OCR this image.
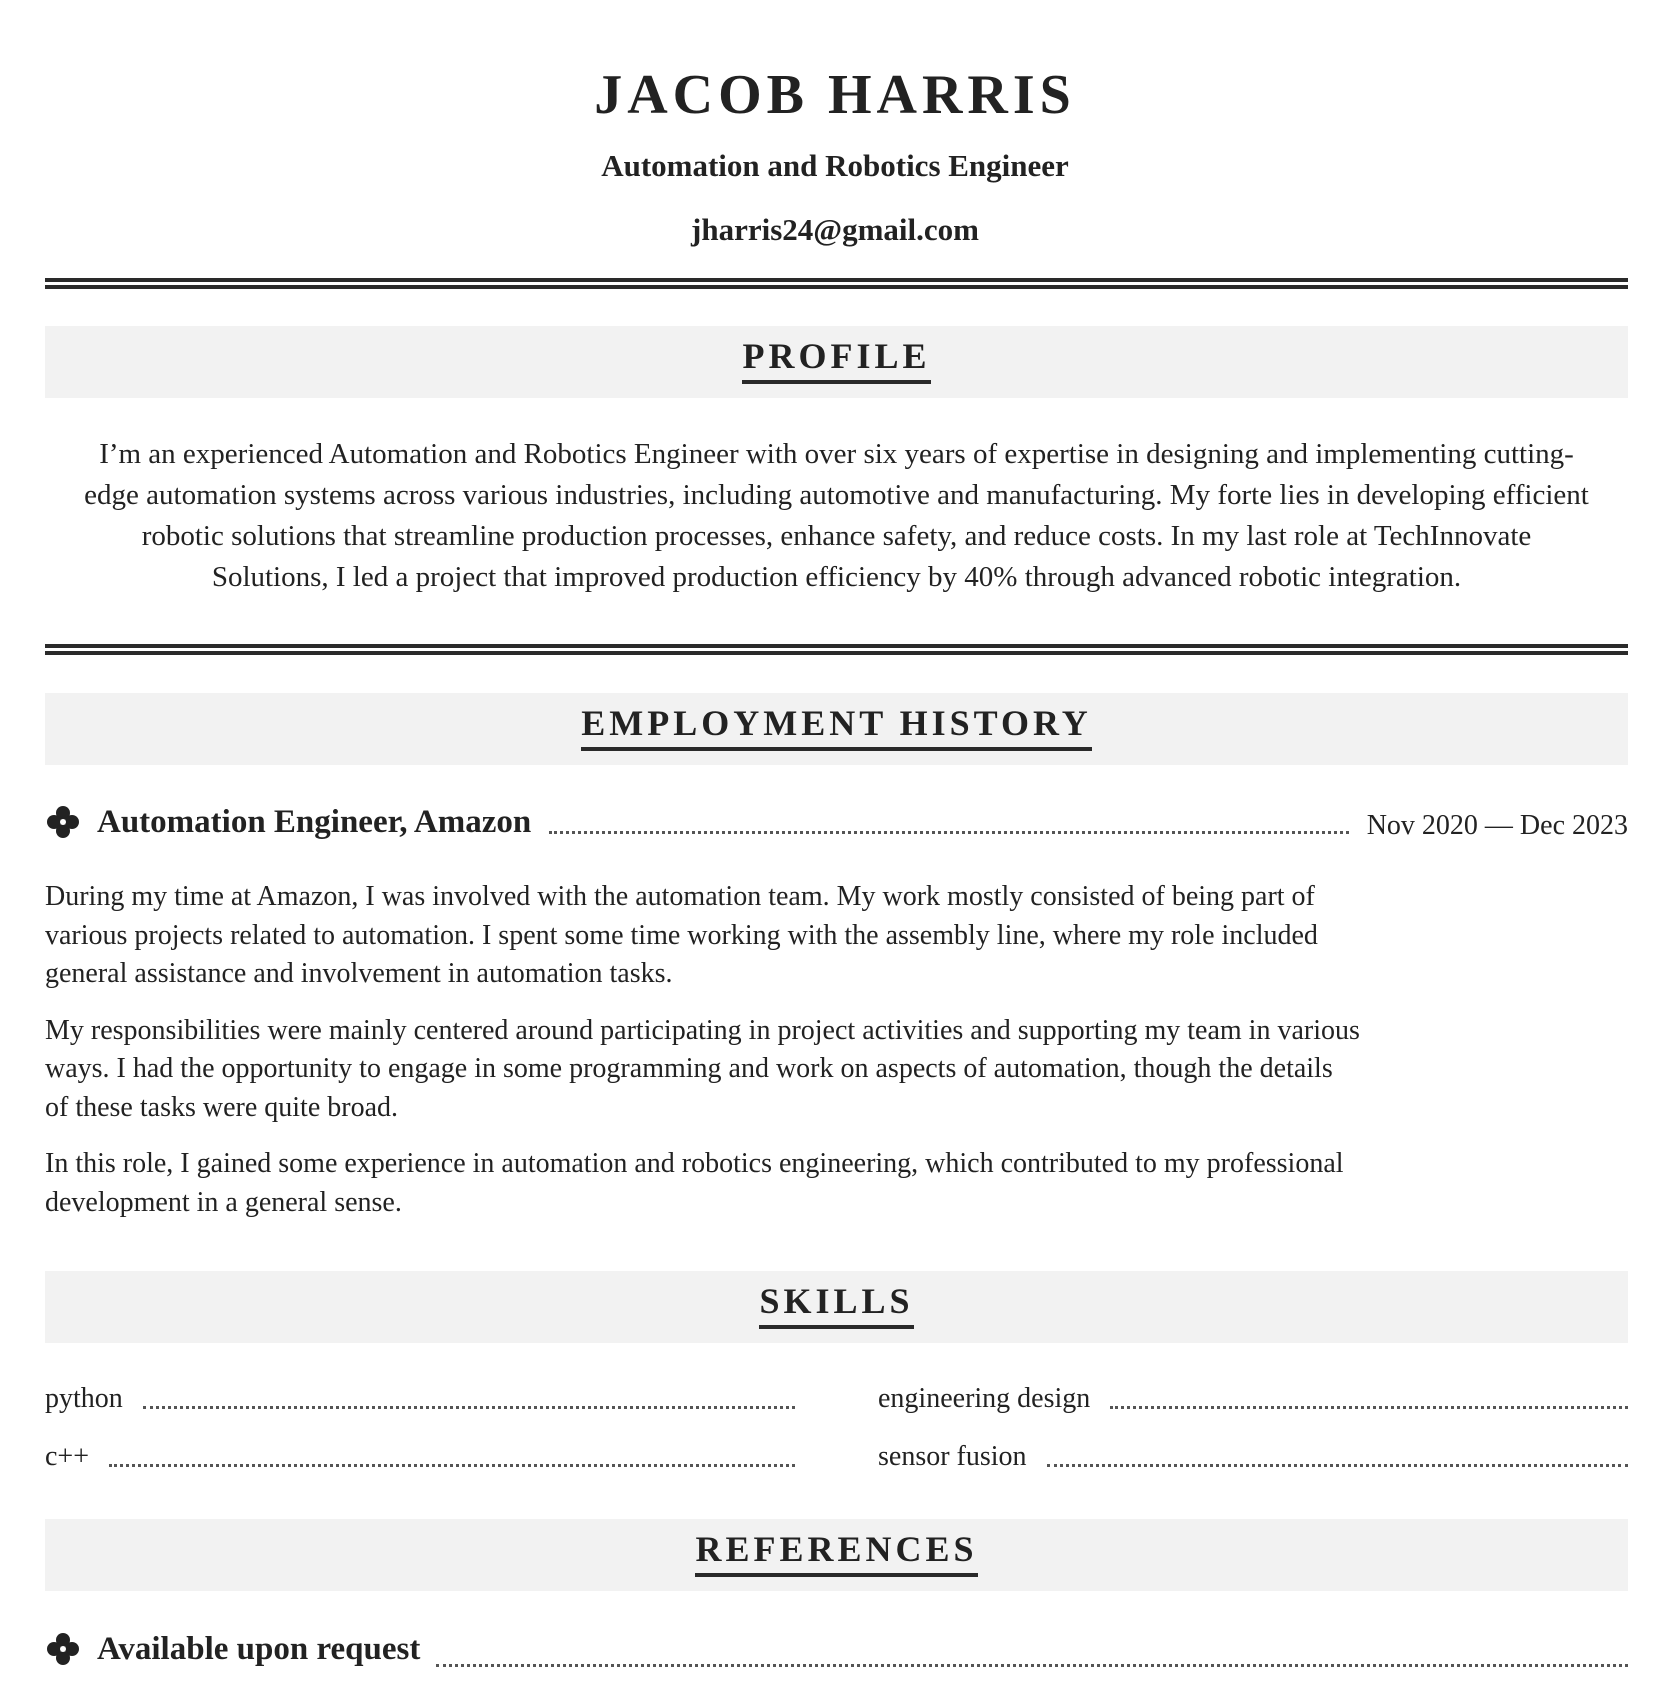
JACOB HARRIS
Automation and Robotics Engineer
jharris24@gmail.com
PROFILE
I’m an experienced Automation and Robotics Engineer with over six years of expertise in designing and implementing cutting-edge automation systems across various industries, including automotive and manufacturing. My forte lies in developing efficient robotic solutions that streamline production processes, enhance safety, and reduce costs. In my last role at TechInnovate Solutions, I led a project that improved production efficiency by 40% through advanced robotic integration.
EMPLOYMENT HISTORY
Automation Engineer, Amazon	Nov 2020 — Dec 2023

During my time at Amazon, I was involved with the automation team. My work mostly consisted of being part of various projects related to automation. I spent some time working with the assembly line, where my role included general assistance and involvement in automation tasks.

My responsibilities were mainly centered around participating in project activities and supporting my team in various ways. I had the opportunity to engage in some programming and work on aspects of automation, though the details of these tasks were quite broad.

In this role, I gained some experience in automation and robotics engineering, which contributed to my professional development in a general sense.

SKILLS
python	engineering design
c++	sensor fusion
REFERENCES
Available upon request
